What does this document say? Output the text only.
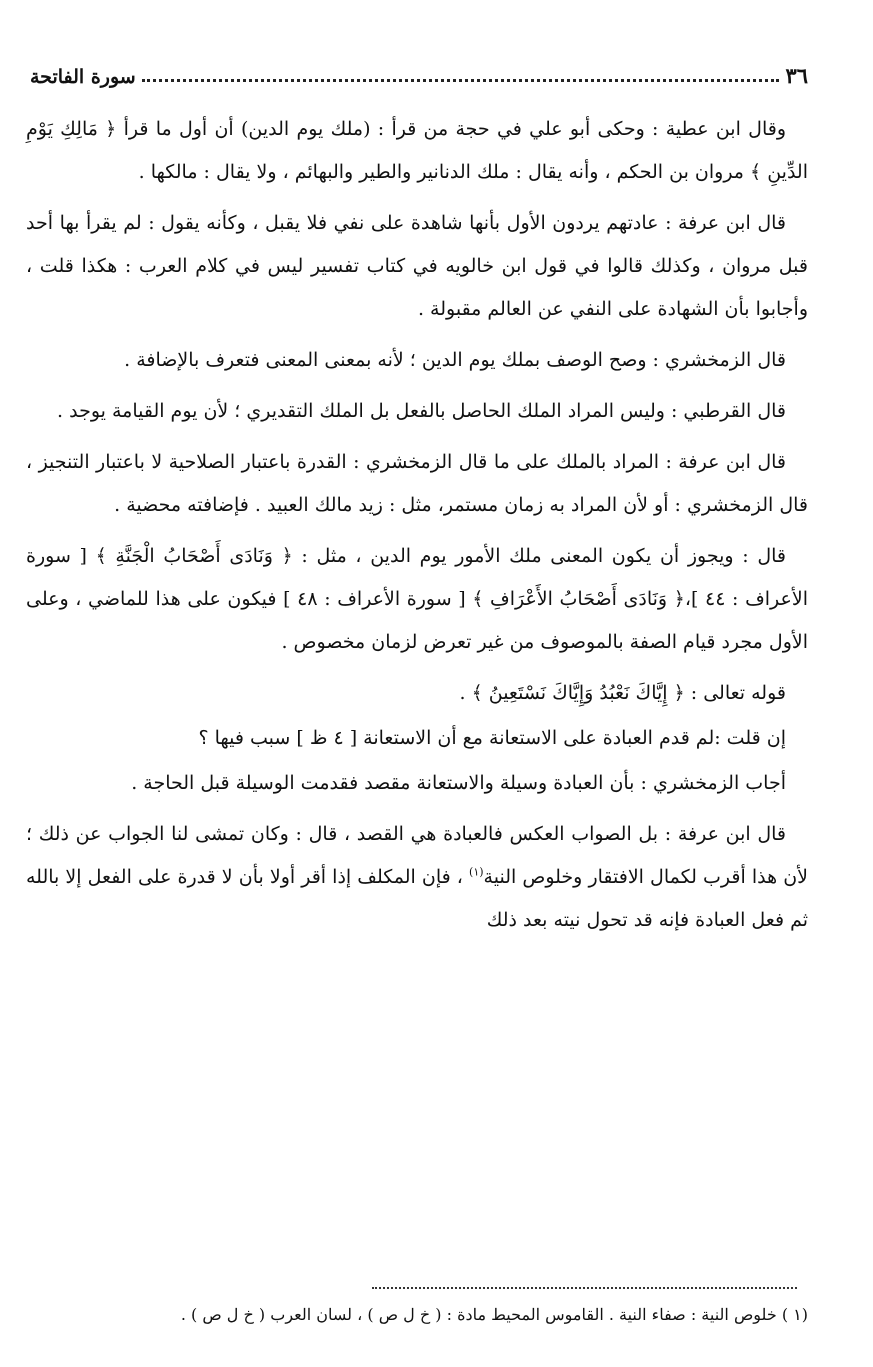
٣٦
سورة الفاتحة

وقال ابن عطية : وحكى أبو علي في حجة من قرأ : (ملك يوم الدين) أن أول ما قرأ ﴿ مَالِكِ يَوْمِ الدِّينِ ﴾ مروان بن الحكم ، وأنه يقال : ملك الدنانير والطير والبهائم ، ولا يقال : مالكها .

قال ابن عرفة : عادتهم يردون الأول بأنها شاهدة على نفي فلا يقبل ، وكأنه يقول : لم يقرأ بها أحد قبل مروان ، وكذلك قالوا في قول ابن خالويه في كتاب تفسير ليس في كلام العرب : هكذا قلت ، وأجابوا بأن الشهادة على النفي عن العالم مقبولة .

قال الزمخشري : وصح الوصف بملك يوم الدين ؛ لأنه بمعنى المعنى فتعرف بالإضافة .

قال القرطبي : وليس المراد الملك الحاصل بالفعل بل الملك التقديري ؛ لأن يوم القيامة يوجد .

قال ابن عرفة : المراد بالملك على ما قال الزمخشري : القدرة باعتبار الصلاحية لا باعتبار التنجيز ، قال الزمخشري : أو لأن المراد به زمان مستمر، مثل : زيد مالك العبيد . فإضافته محضية .

قال : ويجوز أن يكون المعنى ملك الأمور يوم الدين ، مثل : ﴿ وَنَادَى أَصْحَابُ الْجَنَّةِ ﴾ [ سورة الأعراف : ٤٤ ]،﴿ وَنَادَى أَصْحَابُ الأَعْرَافِ ﴾ [ سورة الأعراف : ٤٨ ] فيكون على هذا للماضي ، وعلى الأول مجرد قيام الصفة بالموصوف من غير تعرض لزمان مخصوص .

قوله تعالى : ﴿ إِيَّاكَ نَعْبُدُ وَإِيَّاكَ نَسْتَعِينُ ﴾ .

إن قلت :لم قدم العبادة على الاستعانة مع أن الاستعانة [ ٤ ظ ] سبب فيها ؟

أجاب الزمخشري : بأن العبادة وسيلة والاستعانة مقصد فقدمت الوسيلة قبل الحاجة .

قال ابن عرفة : بل الصواب العكس فالعبادة هي القصد ، قال : وكان تمشى لنا الجواب عن ذلك ؛ لأن هذا أقرب لكمال الافتقار وخلوص النية$^{(١)}$ ، فإن المكلف إذا أقر أولا بأن لا قدرة على الفعل إلا بالله ثم فعل العبادة فإنه قد تحول نيته بعد ذلك

(١ ) خلوص النية : صفاء النية . القاموس المحيط مادة : ( خ ل ص ) ، لسان العرب ( خ ل ص ) .
